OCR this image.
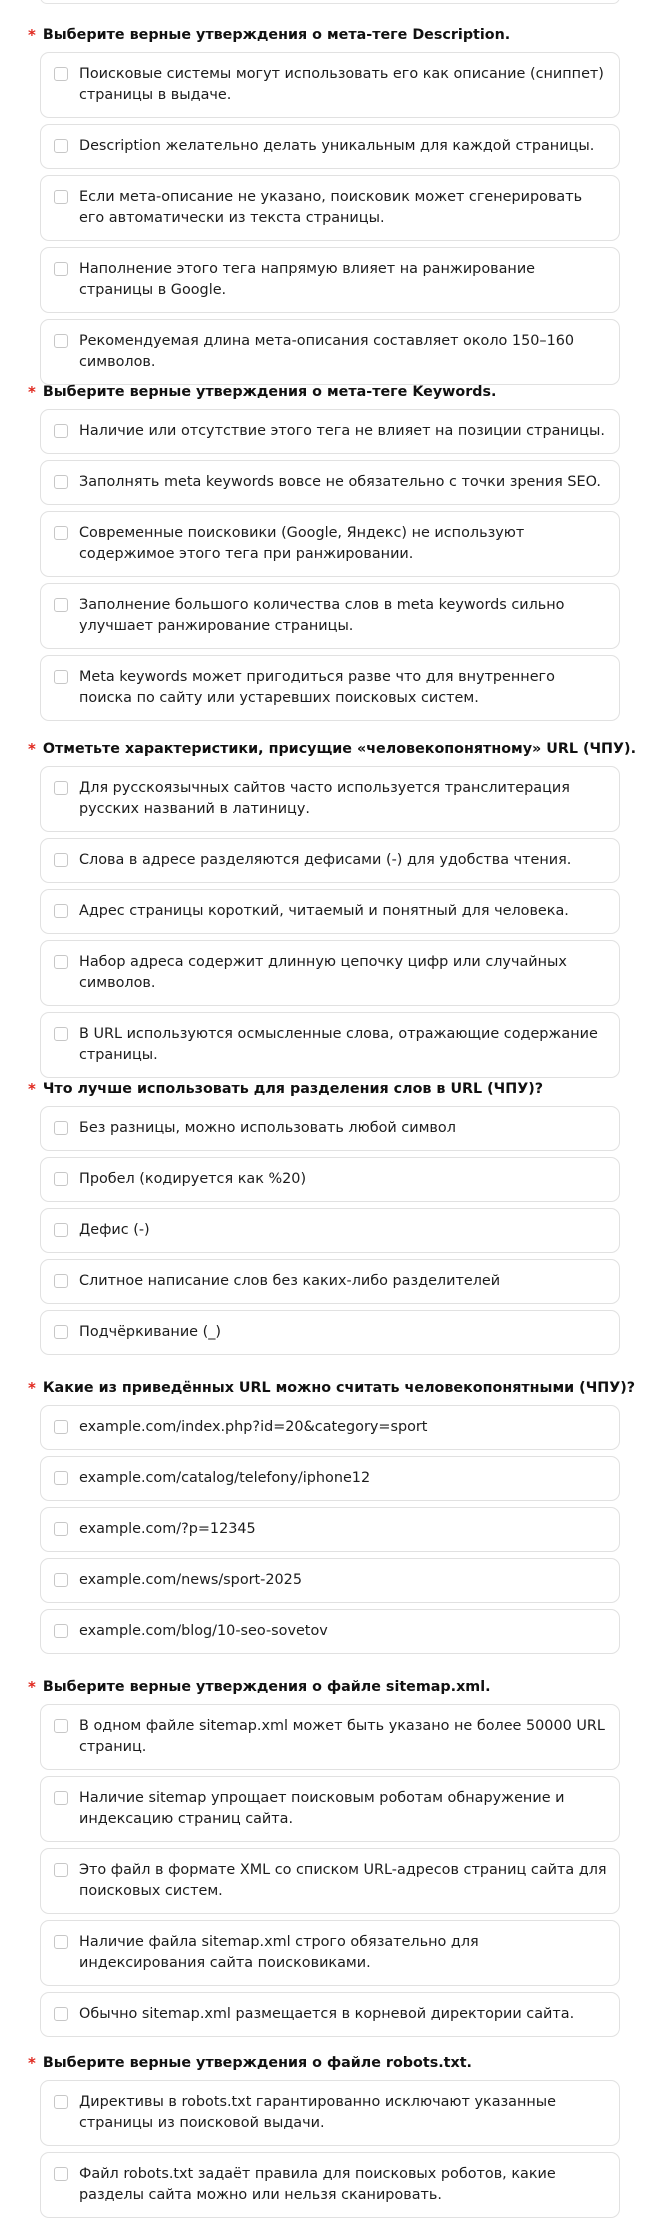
* Выберите верные утверждения о мета-теге Description.
Поисковые системы могут использовать его как описание (сниппет) страницы в выдаче.
Description желательно делать уникальным для каждой страницы.
Если мета-описание не указано, поисковик может сгенерировать его автоматически из текста страницы.
Наполнение этого тега напрямую влияет на ранжирование страницы в Google.
Рекомендуемая длина мета-описания составляет около 150–160 символов.
* Выберите верные утверждения о мета-теге Keywords.
Наличие или отсутствие этого тега не влияет на позиции страницы.
Заполнять meta keywords вовсе не обязательно с точки зрения SEO.
Современные поисковики (Google, Яндекс) не используют содержимое этого тега при ранжировании.
Заполнение большого количества слов в meta keywords сильно улучшает ранжирование страницы.
Meta keywords может пригодиться разве что для внутреннего поиска по сайту или устаревших поисковых систем.
* Отметьте характеристики, присущие «человекопонятному» URL (ЧПУ).
Для русскоязычных сайтов часто используется транслитерация русских названий в латиницу.
Слова в адресе разделяются дефисами (-) для удобства чтения.
Адрес страницы короткий, читаемый и понятный для человека.
Набор адреса содержит длинную цепочку цифр или случайных символов.
В URL используются осмысленные слова, отражающие содержание страницы.
* Что лучше использовать для разделения слов в URL (ЧПУ)?
Без разницы, можно использовать любой символ
Пробел (кодируется как %20)
Дефис (-)
Слитное написание слов без каких-либо разделителей
Подчёркивание (_)
* Какие из приведённых URL можно считать человекопонятными (ЧПУ)?
example.com/index.php?id=20&category=sport
example.com/catalog/telefony/iphone12
example.com/?p=12345
example.com/news/sport-2025
example.com/blog/10-seo-sovetov
* Выберите верные утверждения о файле sitemap.xml.
В одном файле sitemap.xml может быть указано не более 50000 URL страниц.
Наличие sitemap упрощает поисковым роботам обнаружение и индексацию страниц сайта.
Это файл в формате XML со списком URL-адресов страниц сайта для поисковых систем.
Наличие файла sitemap.xml строго обязательно для индексирования сайта поисковиками.
Обычно sitemap.xml размещается в корневой директории сайта.
* Выберите верные утверждения о файле robots.txt.
Директивы в robots.txt гарантированно исключают указанные страницы из поисковой выдачи.
Файл robots.txt задаёт правила для поисковых роботов, какие разделы сайта можно или нельзя сканировать.
